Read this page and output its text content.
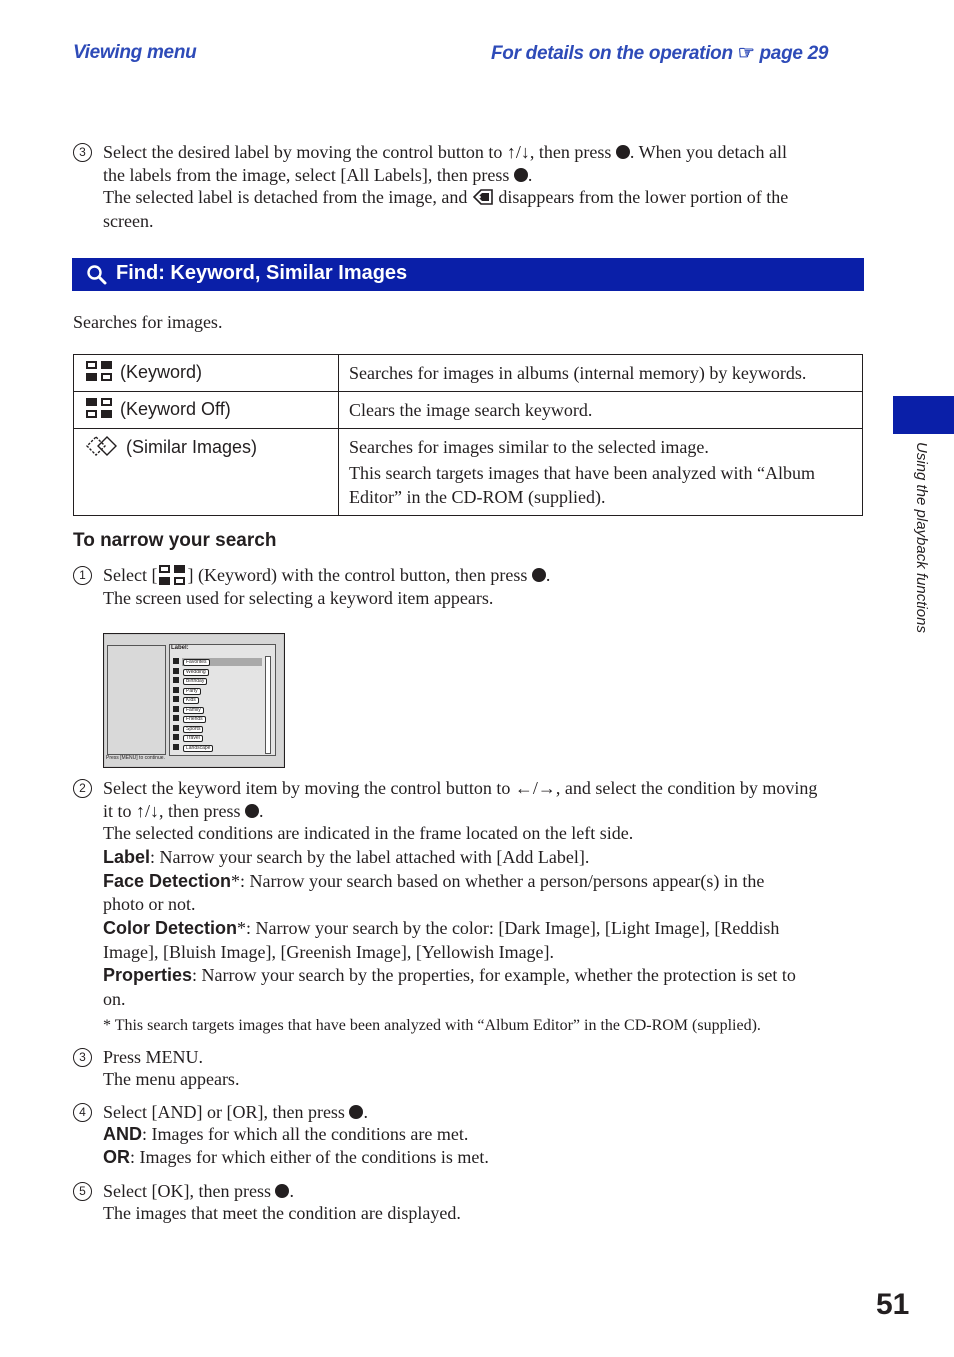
Viewing menu	For details on the operation ☞ page 29
3 Select the desired label by moving the control button to ↑/↓, then press . When you detach all
the labels from the image, select [All Labels], then press .
The selected label is detached from the image, and disappears from the lower portion of the
screen.
Find: Keyword, Similar Images
Searches for images.
(Keyword)	Searches for images in albums (internal memory) by keywords.

(Keyword Off)	Clears the image search keyword.

(Similar Images)	Searches for images similar to the selected image.
This search targets images that have been analyzed with “Album
Editor” in the CD-ROM (supplied).
To narrow your search
1 Select [ ] (Keyword) with the control button, then press .
The screen used for selecting a keyword item appears.
Label:
Favorites
Wedding
Birthday
Party
Kids
Family
Friends
Sports
Travel
Landscape
Press [MENU] to continue.
2 Select the keyword item by moving the control button to ←/→, and select the condition by moving
it to ↑/↓, then press .
The selected conditions are indicated in the frame located on the left side.
Label: Narrow your search by the label attached with [Add Label].
Face Detection*: Narrow your search based on whether a person/persons appear(s) in the
photo or not.
Color Detection*: Narrow your search by the color: [Dark Image], [Light Image], [Reddish
Image], [Bluish Image], [Greenish Image], [Yellowish Image].
Properties: Narrow your search by the properties, for example, whether the protection is set to
on.
* This search targets images that have been analyzed with “Album Editor” in the CD-ROM (supplied).
3 Press MENU.
The menu appears.
4 Select [AND] or [OR], then press .
AND: Images for which all the conditions are met.
OR: Images for which either of the conditions is met.
5 Select [OK], then press .
The images that meet the condition are displayed.
Using the playback functions
51
